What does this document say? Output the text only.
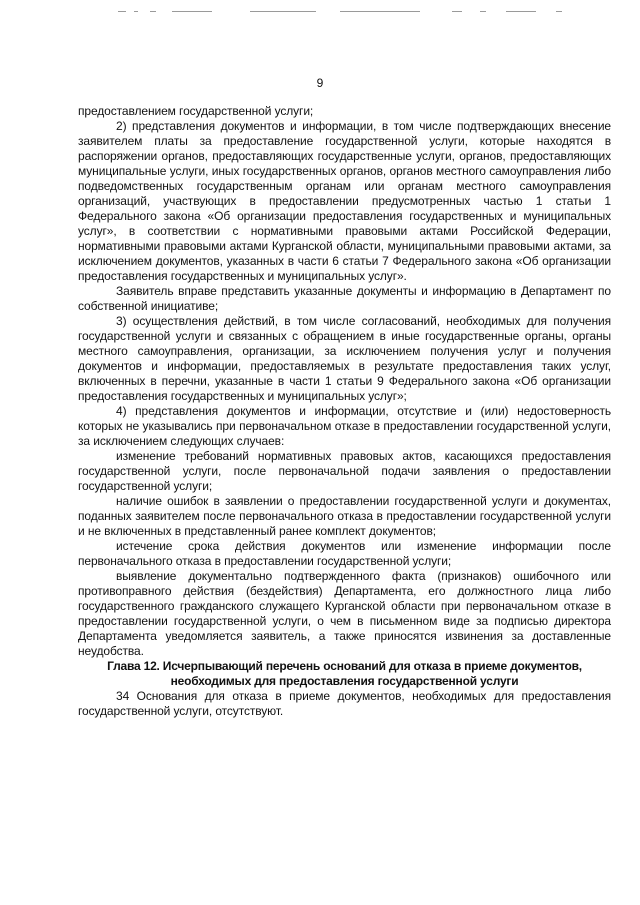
9

предоставлением государственной услуги;

2) представления документов и информации, в том числе подтверждающих внесение заявителем платы за предоставление государственной услуги, которые находятся в распоряжении органов, предоставляющих государственные услуги, органов, предоставляющих муниципальные услуги, иных государственных органов, органов местного самоуправления либо подведомственных государственным органам или органам местного самоуправления организаций, участвующих в предоставлении предусмотренных частью 1 статьи 1 Федерального закона «Об организации предоставления государственных и муниципальных услуг», в соответствии с нормативными правовыми актами Российской Федерации, нормативными правовыми актами Курганской области, муниципальными правовыми актами, за исключением документов, указанных в части 6 статьи 7 Федерального закона «Об организации предоставления государственных и муниципальных услуг».

Заявитель вправе представить указанные документы и информацию в Департамент по собственной инициативе;

3) осуществления действий, в том числе согласований, необходимых для получения государственной услуги и связанных с обращением в иные государственные органы, органы местного самоуправления, организации, за исключением получения услуг и получения документов и информации, предоставляемых в результате предоставления таких услуг, включенных в перечни, указанные в части 1 статьи 9 Федерального закона «Об организации предоставления государственных и муниципальных услуг»;

4) представления документов и информации, отсутствие и (или) недостоверность которых не указывались при первоначальном отказе в предоставлении государственной услуги, за исключением следующих случаев:

изменение требований нормативных правовых актов, касающихся предоставления государственной услуги, после первоначальной подачи заявления о предоставлении государственной услуги;

наличие ошибок в заявлении о предоставлении государственной услуги и документах, поданных заявителем после первоначального отказа в предоставлении государственной услуги и не включенных в представленный ранее комплект документов;

истечение срока действия документов или изменение информации после первоначального отказа в предоставлении государственной услуги;

выявление документально подтвержденного факта (признаков) ошибочного или противоправного действия (бездействия) Департамента, его должностного лица либо государственного гражданского служащего Курганской области при первоначальном отказе в предоставлении государственной услуги, о чем в письменном виде за подписью директора Департамента уведомляется заявитель, а также приносятся извинения за доставленные неудобства.

Глава 12. Исчерпывающий перечень оснований для отказа в приеме документов, необходимых для предоставления государственной услуги

34 Основания для отказа в приеме документов, необходимых для предоставления государственной услуги, отсутствуют.
